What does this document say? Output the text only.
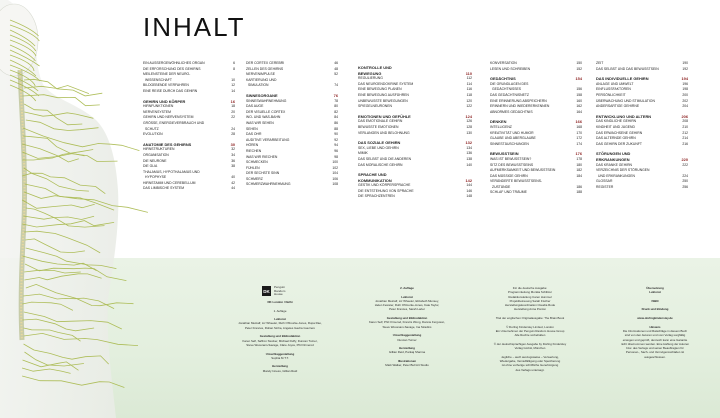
INHALT
EIN AUSSERGEWÖHNLICHES ORGAN	6
DIE ERFORSCHUNG DES GEHIRNS	8
MEILENSTEINE DER NEURO-
WISSENSCHAFT	10
BILDGEBENDE VERFAHREN	12
EINE REISE DURCH DAS GEHIRN	14
GEHIRN UND KÖRPER	16
HIRNFUNKTIONEN	18
NERVENSYSTEM	20
GEHIRN UND NERVENSYSTEM	22
GRÖSSE, ENERGIEVERBRAUCH UND
SCHUTZ	24
EVOLUTION	28
ANATOMIE DES GEHIRNS	30
HIRNSTRUKTUREN	32
ORGANISATION	34
DIE NEURONE	36
DIE GLIA	38
THALAMUS, HYPOTHALAMUS UND
HYPOPHYSE	40
HIRNSTAMM UND CEREBELLUM	42
DAS LIMBISCHE SYSTEM	44
DER CORTEX CEREBRI	46
ZELLEN DES GEHIRNS	48
NERVENIMPULSE	52
KARTIERUNG UND
SIMULATION	74
SINNESORGANE	76
SINNESWAHRNEHMUNG	78
DAS AUGE	80
DER VISUELLE CORTEX	82
WO- UND WAS-BAHN	84
WAS WIR SEHEN	86
SEHEN	88
DAS OHR	90
AUDITIVE VERARBEITUNG	92
HÖREN	94
RIECHEN	96
WAS WIR RIECHEN	98
SCHMECKEN	100
FÜHLEN	102
DER SECHSTE SINN	104
SCHMERZ	106
SCHMERZWAHRNEHMUNG	108
KONTROLLE UND
BEWEGUNG	110
REGULIERUNG	112
DAS NEUROENDOKRINE SYSTEM	114
EINE BEWEGUNG PLANEN	116
EINE BEWEGUNG AUSFÜHREN	118
UNBEWUSSTE BEWEGUNGEN	120
SPIEGELNEURONEN	122
EMOTIONEN UND GEFÜHLE	124
DAS EMOTIONALE GEHIRN	126
BEWUSSTE EMOTIONEN	128
VERLANGEN UND BELOHNUNG	130
DAS SOZIALE GEHIRN	132
SEX, LIEBE UND GEHIRN	134
MIMIK	136
DAS SELBST UND DIE ANDEREN	138
DAS MORALISCHE GEHIRN	140
SPRACHE UND
KOMMUNIKATION	142
GESTIK UND KÖRPERSPRACHE	144
DIE ENTSTEHUNG VON SPRACHE	146
DIE SPRACHZENTREN	148
KONVERSATION	150
LESEN UND SCHREIBEN	152
GEDÄCHTNIS	154
DIE GRUNDLAGEN DES
GEDÄCHTNISSES	156
DAS GEDÄCHTNISNETZ	158
EINE ERINNERUNG ABSPEICHERN	160
ERINNERN UND WIEDERERKENNEN	162
ABNORMES GEDÄCHTNIS	164
DENKEN	166
INTELLIGENZ	168
KREATIVITÄT UND HUMOR	170
GLAUBE UND ABERGLAUBE	172
SINNESTÄUSCHUNGEN	174
BEWUSSTSEIN	176
WAS IST BEWUSSTSEIN?	178
SITZ DES BEWUSSTSEINS	180
AUFMERKSAMKEIT UND BEWUSSTSEIN	182
DAS MÜSSIGE GEHIRN	184
VERÄNDERTE BEWUSSTSEINS-
ZUSTÄNDE	186
SCHLAF UND TRÄUME	188
ZEIT	190
DAS SELBST UND DAS BEWUSSTSEIN	192
DAS INDIVIDUELLE GEHIRN	194
ANLAGE UND UMWELT	196
EINFLUSSFAKTOREN	198
PERSÖNLICHKEIT	200
ÜBERWACHUNG UND STIMULATION	202
ANDERSARTIGE GEHIRNE	204
ENTWICKLUNG UND ALTERN	206
DAS KINDLICHE GEHIRN	208
KINDHEIT UND JUGEND	210
DAS ERWACHSENE GEHIRN	212
DAS ALTERNDE GEHIRN	214
DAS GEHIRN DER ZUKUNFT	216
STÖRUNGEN UND
ERKRANKUNGEN	220
DAS KRANKE GEHIRN	222
VERZEICHNIS DER STÖRUNGEN
UND ERKRANKUNGEN	224
GLOSSAR	250
REGISTER	256
DK
Penguin
Random
House
DK London / Delhi

1. Auflage

Lektorat
Jonathan Metcalf, Liz Wheeler, Ruth O'Rourke-Jones, Rupa Rao,
Peter Frances, Rohan Sinha, Angeles Gavira Guerrero

Gestaltung und Bildredaktion
Karen Self, Saffron Stocker, Michael Duffy, Duncan Turner,
Steve Woosnam-Savage, Clare Joyce, Phil Ormerod

Umschlaggestaltung
Sophia M.T.T.

Herstellung
Mandy Inness, Gillian Reid
2. Auflage

Lektorat
Jonathan Metcalf, Liz Wheeler, Elizabeth Munsey,
Helen Fewster, Ruth O'Rourke-Jones, Kate Taylor,
Peter Frances, Sarah Larter

Gestaltung und Bildredaktion
Karen Self, Phil Ormerod, Francis Wong, Dannie Ferguson,
Steve Woosnam-Savage, Ina Stradins

Umschlaggestaltung
Duncan Turner

Herstellung
Gillian Reid, Pankaj Sharma

Illustrationen
Mark Walker, Peter Bull Art Studio
Für die deutsche Ausgabe:
Programmleitung Monika Schlitzer
Redaktionsleitung Caren Hummel
Projektbetreuung Sarah Fischer
Herstellungskoordination Claudia Rode
Herstellung Anna Ponton

Titel der englischen Originalausgabe: The Brain Book

© Dorling Kindersley Limited, London
Ein Unternehmen der Penguin Random House Group
Alle Rechte vorbehalten

© der deutschsprachigen Ausgabe by Dorling Kindersley
Verlag GmbH, München

Jegliche – auch auszugsweise – Verwertung,
Wiedergabe, Vervielfältigung oder Speicherung
ist ohne vorherige schriftliche Genehmigung
des Verlags untersagt.
Übersetzung
Lektorat

ISBN

Druck und Bindung

www.dorlingkindersley.de

Hinweis
Die Informationen und Ratschläge in diesem Buch
sind von den Autoren und vom Verlag sorgfältig
erwogen und geprüft, dennoch kann eine Garantie
nicht übernommen werden. Eine Haftung der Autoren
bzw. des Verlags und seiner Beauftragten für
Personen-, Sach- und Vermögensschäden ist
ausgeschlossen.
